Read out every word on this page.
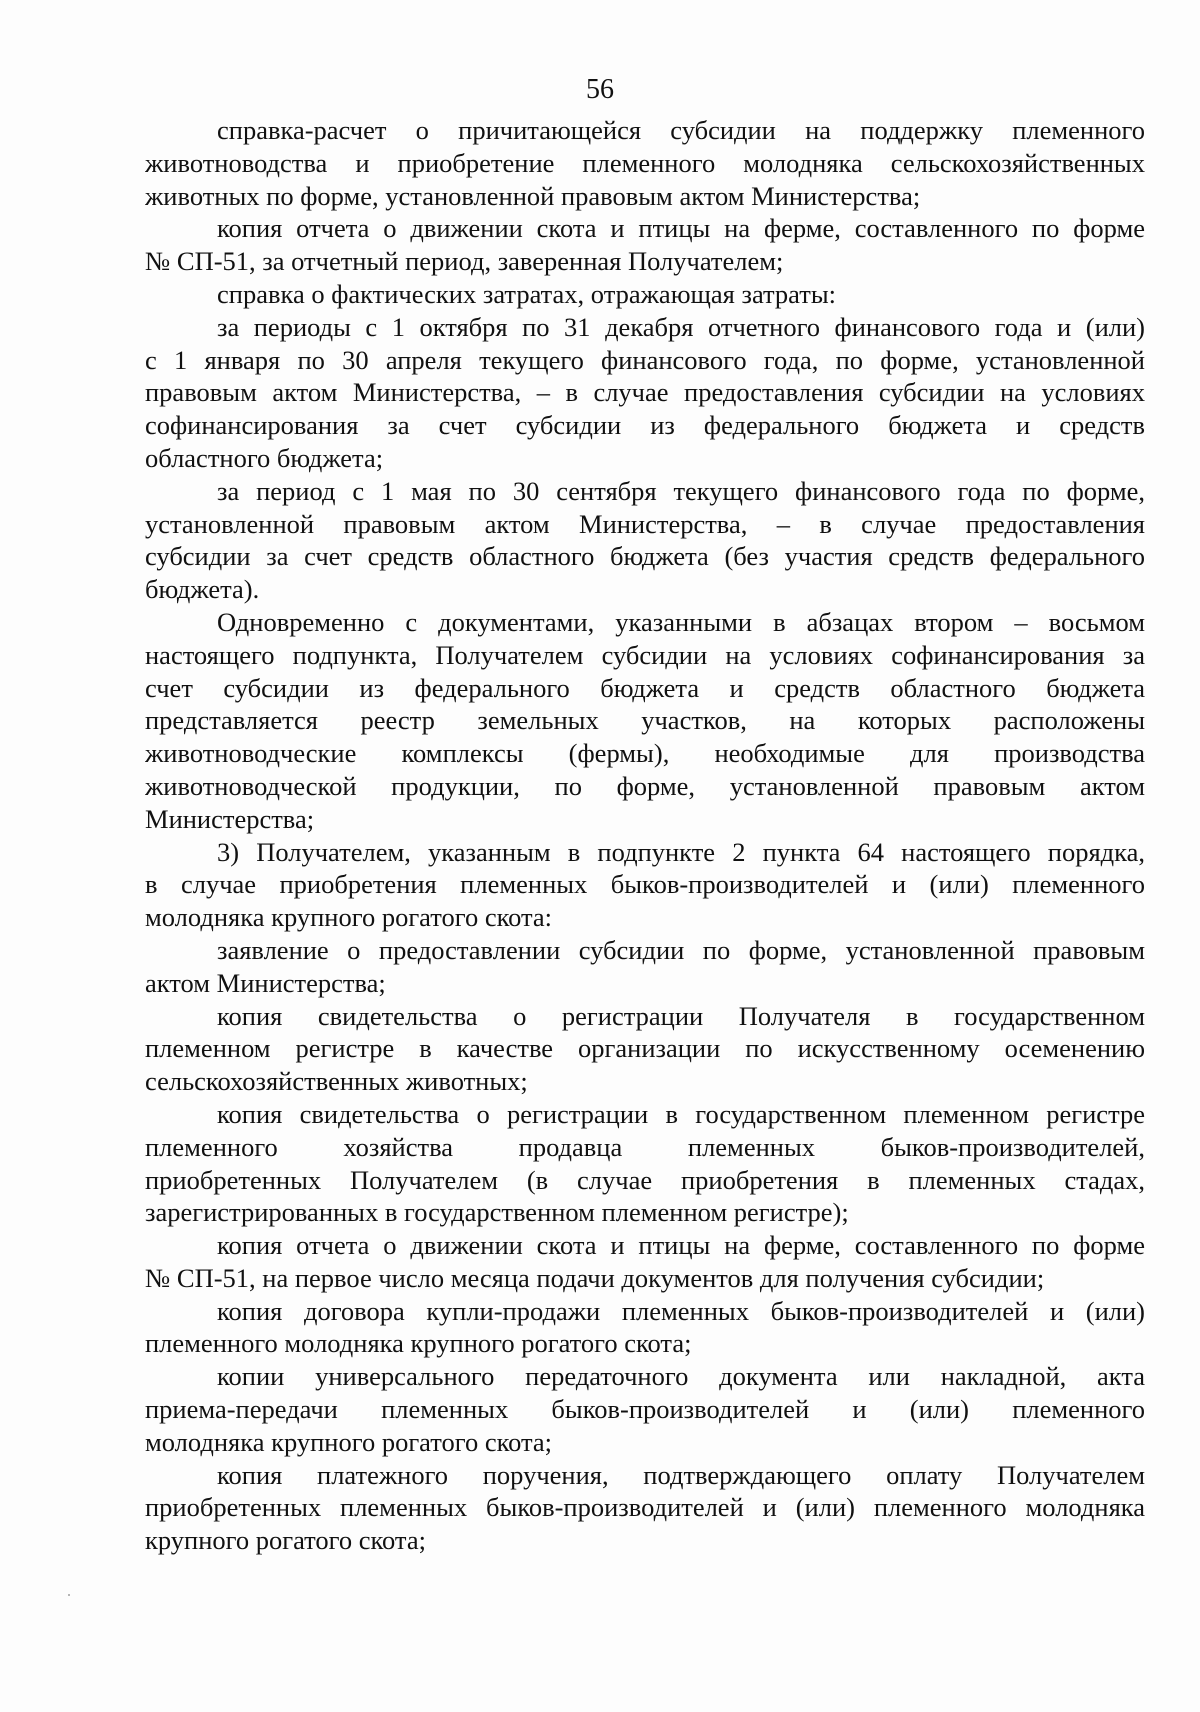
56
справка-расчет о причитающейся субсидии на поддержку племенного
животноводства и приобретение племенного молодняка сельскохозяйственных
животных по форме, установленной правовым актом Министерства;
копия отчета о движении скота и птицы на ферме, составленного по форме
№ СП-51, за отчетный период, заверенная Получателем;
справка о фактических затратах, отражающая затраты:
за периоды с 1 октября по 31 декабря отчетного финансового года и (или)
с 1 января по 30 апреля текущего финансового года, по форме, установленной
правовым актом Министерства, – в случае предоставления субсидии на условиях
софинансирования за счет субсидии из федерального бюджета и средств
областного бюджета;
за период с 1 мая по 30 сентября текущего финансового года по форме,
установленной правовым актом Министерства, – в случае предоставления
субсидии за счет средств областного бюджета (без участия средств федерального
бюджета).
Одновременно с документами, указанными в абзацах втором – восьмом
настоящего подпункта, Получателем субсидии на условиях софинансирования за
счет субсидии из федерального бюджета и средств областного бюджета
представляется реестр земельных участков, на которых расположены
животноводческие комплексы (фермы), необходимые для производства
животноводческой продукции, по форме, установленной правовым актом
Министерства;
3) Получателем, указанным в подпункте 2 пункта 64 настоящего порядка,
в случае приобретения племенных быков-производителей и (или) племенного
молодняка крупного рогатого скота:
заявление о предоставлении субсидии по форме, установленной правовым
актом Министерства;
копия свидетельства о регистрации Получателя в государственном
племенном регистре в качестве организации по искусственному осеменению
сельскохозяйственных животных;
копия свидетельства о регистрации в государственном племенном регистре
племенного хозяйства продавца племенных быков-производителей,
приобретенных Получателем (в случае приобретения в племенных стадах,
зарегистрированных в государственном племенном регистре);
копия отчета о движении скота и птицы на ферме, составленного по форме
№ СП-51, на первое число месяца подачи документов для получения субсидии;
копия договора купли-продажи племенных быков-производителей и (или)
племенного молодняка крупного рогатого скота;
копии универсального передаточного документа или накладной, акта
приема-передачи племенных быков-производителей и (или) племенного
молодняка крупного рогатого скота;
копия платежного поручения, подтверждающего оплату Получателем
приобретенных племенных быков-производителей и (или) племенного молодняка
крупного рогатого скота;
